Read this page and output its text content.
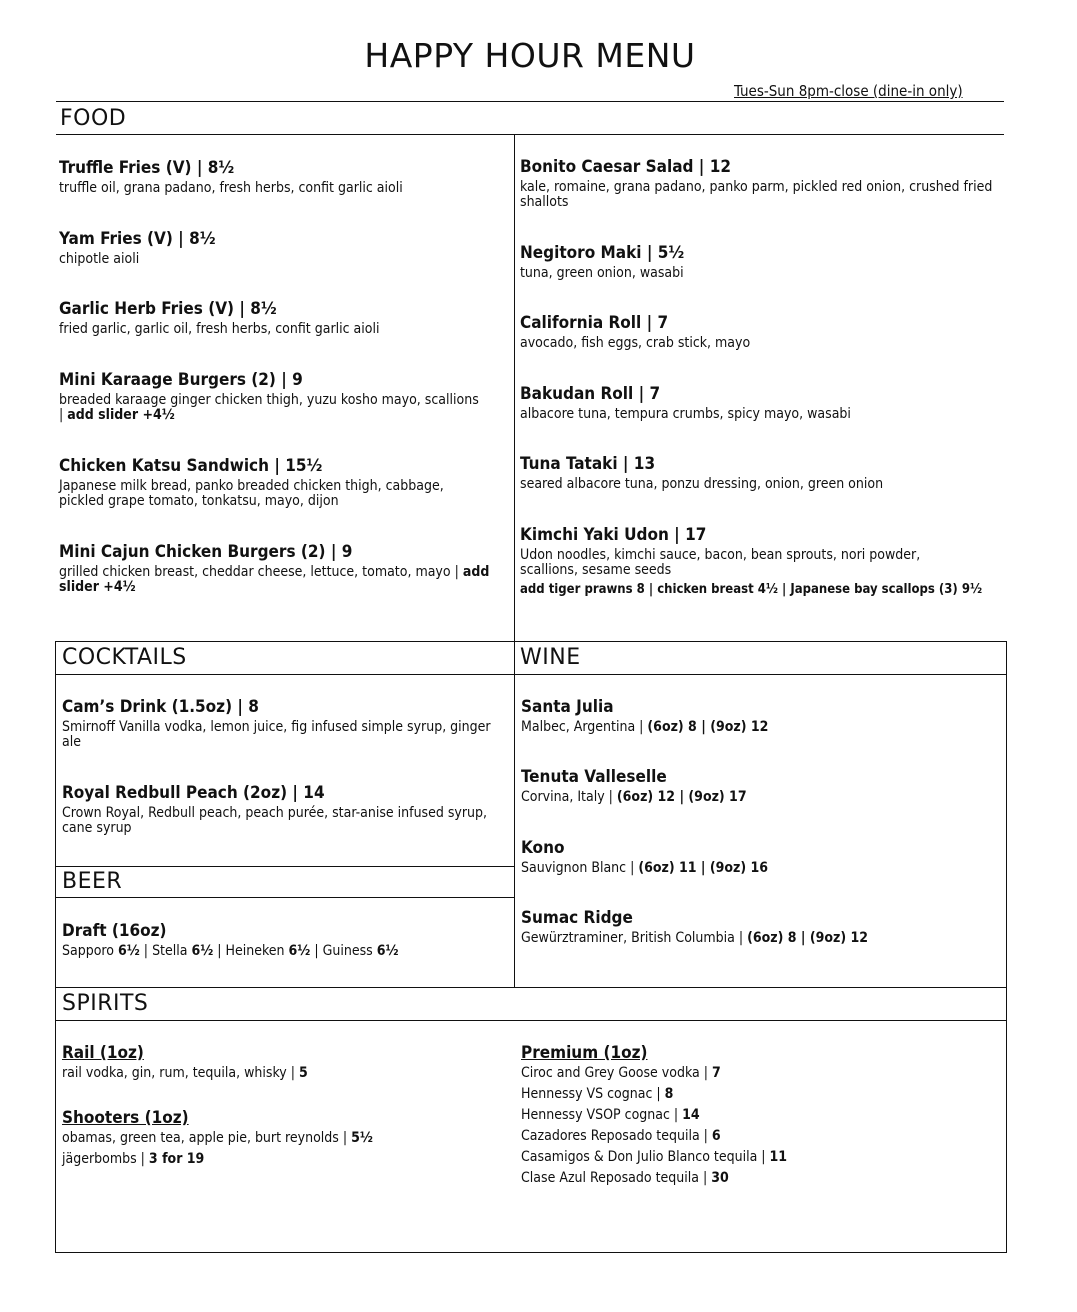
HAPPY HOUR MENU
Tues-Sun 8pm-close (dine-in only)
FOOD
Truffle Fries (V) | 8½
truffle oil, grana padano, fresh herbs, confit garlic aioli
Yam Fries (V) | 8½
chipotle aioli
Garlic Herb Fries (V) | 8½
fried garlic, garlic oil, fresh herbs, confit garlic aioli
Mini Karaage Burgers (2) | 9
breaded karaage ginger chicken thigh, yuzu kosho mayo, scallions | add slider +4½
Chicken Katsu Sandwich | 15½
Japanese milk bread, panko breaded chicken thigh, cabbage, pickled grape tomato, tonkatsu, mayo, dijon
Mini Cajun Chicken Burgers (2) | 9
grilled chicken breast, cheddar cheese, lettuce, tomato, mayo | add slider +4½
Bonito Caesar Salad | 12
kale, romaine, grana padano, panko parm, pickled red onion, crushed fried shallots
Negitoro Maki | 5½
tuna, green onion, wasabi
California Roll | 7
avocado, fish eggs, crab stick, mayo
Bakudan Roll | 7
albacore tuna, tempura crumbs, spicy mayo, wasabi
Tuna Tataki | 13
seared albacore tuna, ponzu dressing, onion, green onion
Kimchi Yaki Udon | 17
Udon noodles, kimchi sauce, bacon, bean sprouts, nori powder, scallions, sesame seeds
add tiger prawns 8 | chicken breast 4½ | Japanese bay scallops (3) 9½
COCKTAILS	WINE
BEER
SPIRITS
Cam’s Drink (1.5oz) | 8
Smirnoff Vanilla vodka, lemon juice, fig infused simple syrup, ginger ale
Royal Redbull Peach (2oz) | 14
Crown Royal, Redbull peach, peach purée, star-anise infused syrup, cane syrup
Draft (16oz)
Sapporo 6½ | Stella 6½ | Heineken 6½ | Guiness 6½
Santa Julia
Malbec, Argentina | (6oz) 8 | (9oz) 12
Tenuta Valleselle
Corvina, Italy | (6oz) 12 | (9oz) 17
Kono
Sauvignon Blanc | (6oz) 11 | (9oz) 16
Sumac Ridge
Gewürztraminer, British Columbia | (6oz) 8 | (9oz) 12
Rail (1oz)
rail vodka, gin, rum, tequila, whisky | 5
Shooters (1oz)
obamas, green tea, apple pie, burt reynolds | 5½
jägerbombs | 3 for 19
Premium (1oz)
Ciroc and Grey Goose vodka | 7
Hennessy VS cognac | 8
Hennessy VSOP cognac | 14
Cazadores Reposado tequila | 6
Casamigos & Don Julio Blanco tequila | 11
Clase Azul Reposado tequila | 30
